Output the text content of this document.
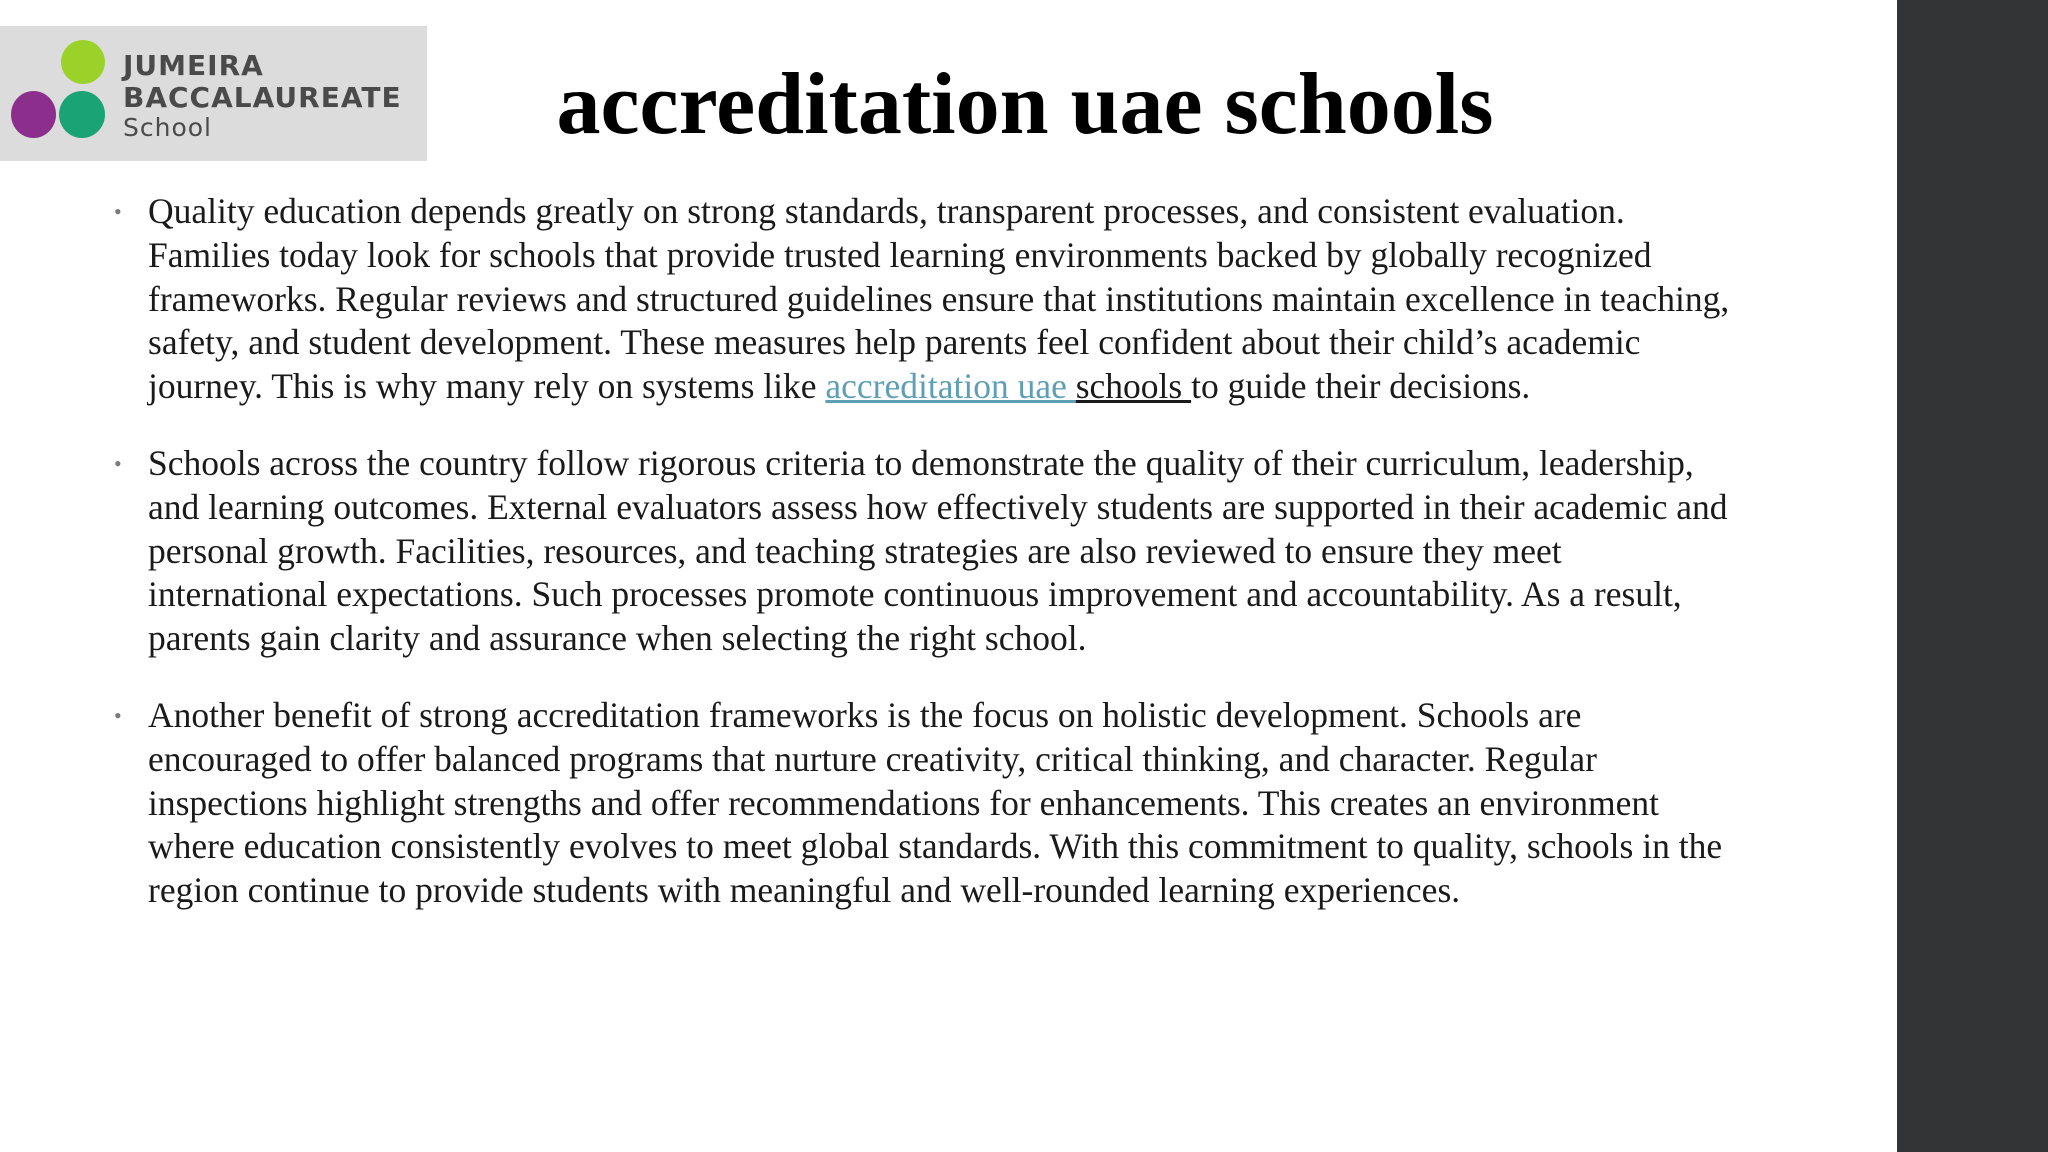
JUMEIRA
BACCALAUREATE
School	accreditation uae schools

• Quality education depends greatly on strong standards, transparent processes, and consistent evaluation. Families today look for schools that provide trusted learning environments backed by globally recognized frameworks. Regular reviews and structured guidelines ensure that institutions maintain excellence in teaching, safety, and student development. These measures help parents feel confident about their child’s academic journey. This is why many rely on systems like accreditation uae schools to guide their decisions.

• Schools across the country follow rigorous criteria to demonstrate the quality of their curriculum, leadership, and learning outcomes. External evaluators assess how effectively students are supported in their academic and personal growth. Facilities, resources, and teaching strategies are also reviewed to ensure they meet international expectations. Such processes promote continuous improvement and accountability. As a result, parents gain clarity and assurance when selecting the right school.

• Another benefit of strong accreditation frameworks is the focus on holistic development. Schools are encouraged to offer balanced programs that nurture creativity, critical thinking, and character. Regular inspections highlight strengths and offer recommendations for enhancements. This creates an environment where education consistently evolves to meet global standards. With this commitment to quality, schools in the region continue to provide students with meaningful and well-rounded learning experiences.
